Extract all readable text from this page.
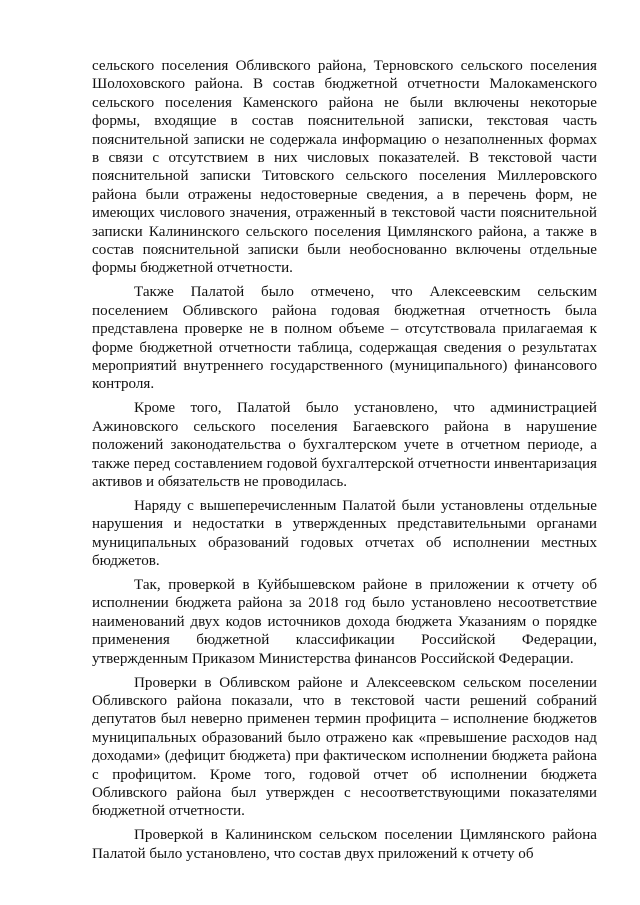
сельского поселения Обливского района, Терновского сельского поселения Шолоховского района. В состав бюджетной отчетности Малокаменского сельского поселения Каменского района не были включены некоторые формы, входящие в состав пояснительной записки, текстовая часть пояснительной записки не содержала информацию о незаполненных формах в связи с отсутствием в них числовых показателей. В текстовой части пояснительной записки Титовского сельского поселения Миллеровского района были отражены недостоверные сведения, а в перечень форм, не имеющих числового значения, отраженный в текстовой части пояснительной записки Калининского сельского поселения Цимлянского района, а также в состав пояснительной записки были необоснованно включены отдельные формы бюджетной отчетности.

Также Палатой было отмечено, что Алексеевским сельским поселением Обливского района годовая бюджетная отчетность была представлена проверке не в полном объеме – отсутствовала прилагаемая к форме бюджетной отчетности таблица, содержащая сведения о результатах мероприятий внутреннего государственного (муниципального) финансового контроля.

Кроме того, Палатой было установлено, что администрацией Ажиновского сельского поселения Багаевского района в нарушение положений законодательства о бухгалтерском учете в отчетном периоде, а также перед составлением годовой бухгалтерской отчетности инвентаризация активов и обязательств не проводилась.

Наряду с вышеперечисленным Палатой были установлены отдельные нарушения и недостатки в утвержденных представительными органами муниципальных образований годовых отчетах об исполнении местных бюджетов.

Так, проверкой в Куйбышевском районе в приложении к отчету об исполнении бюджета района за 2018 год было установлено несоответствие наименований двух кодов источников дохода бюджета Указаниям о порядке применения бюджетной классификации Российской Федерации, утвержденным Приказом Министерства финансов Российской Федерации.

Проверки в Обливском районе и Алексеевском сельском поселении Обливского района показали, что в текстовой части решений собраний депутатов был неверно применен термин профицита – исполнение бюджетов муниципальных образований было отражено как «превышение расходов над доходами» (дефицит бюджета) при фактическом исполнении бюджета района с профицитом. Кроме того, годовой отчет об исполнении бюджета Обливского района был утвержден с несоответствующими показателями бюджетной отчетности.

Проверкой в Калининском сельском поселении Цимлянского района Палатой было установлено, что состав двух приложений к отчету об
